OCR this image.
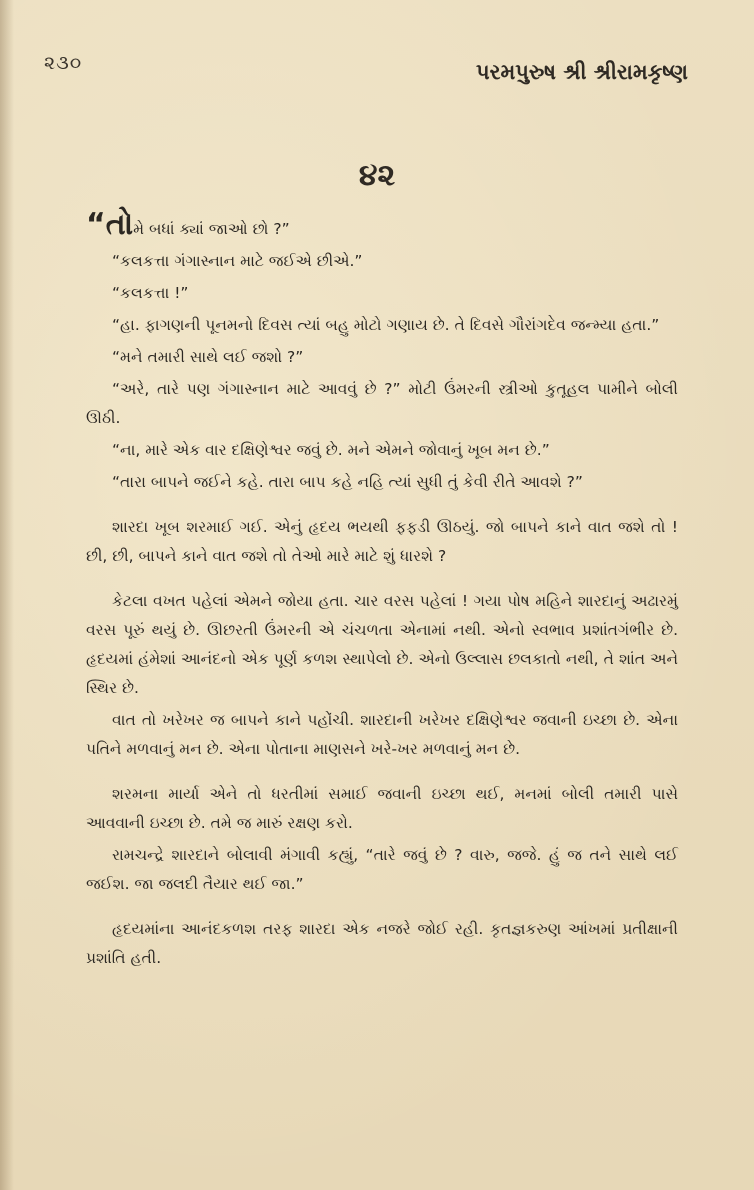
૨૩૦	પરમપુરુષ શ્રી શ્રીરામકૃષ્ણ
૪૨

“તોમે બધાં ક્યાં જાઓ છો ?”

“કલકત્તા ગંગાસ્નાન માટે જઈએ છીએ.”

“કલકત્તા !”

“હા. ફાગણની પૂનમનો દિવસ ત્યાં બહુ મોટો ગણાય છે. તે દિવસે ગૌરાંગદેવ જન્મ્યા હતા.”

“મને તમારી સાથે લઈ જશો ?”

“અરે, તારે પણ ગંગાસ્નાન માટે આવવું છે ?” મોટી ઉંમરની સ્ત્રીઓ કુતૂહલ પામીને બોલી ઊઠી.

“ના, મારે એક વાર દક્ષિણેશ્વર જવું છે. મને એમને જોવાનું ખૂબ મન છે.”

“તારા બાપને જઈને કહે. તારા બાપ કહે નહિ ત્યાં સુધી તું કેવી રીતે આવશે ?”

શારદા ખૂબ શરમાઈ ગઈ. એનું હૃદય ભયથી ફફડી ઊઠયું. જો બાપને કાને વાત જશે તો ! છી, છી, બાપને કાને વાત જશે તો તેઓ મારે માટે શું ધારશે ?

કેટલા વખત પહેલાં એમને જોયા હતા. ચાર વરસ પહેલાં ! ગયા પોષ મહિને શારદાનું અઢારમું વરસ પૂરું થયું છે. ઊછરતી ઉંમરની એ ચંચળતા એનામાં નથી. એનો સ્વભાવ પ્રશાંતગંભીર છે. હૃદયમાં હંમેશાં આનંદનો એક પૂર્ણ કળશ સ્થાપેલો છે. એનો ઉલ્લાસ છલકાતો નથી, તે શાંત અને સ્થિર છે.

વાત તો ખરેખર જ બાપને કાને પહોંચી. શારદાની ખરેખર દક્ષિણેશ્વર જવાની ઇચ્છા છે. એના પતિને મળવાનું મન છે. એના પોતાના માણસને ખરે-ખર મળવાનું મન છે.

શરમના માર્યા એને તો ધરતીમાં સમાઈ જવાની ઇચ્છા થઈ, મનમાં બોલી તમારી પાસે આવવાની ઇચ્છા છે. તમે જ મારું રક્ષણ કરો.

રામચન્દ્રે શારદાને બોલાવી મંગાવી કહ્યું, “તારે જવું છે ? વારુ, જજે. હું જ તને સાથે લઈ જઈશ. જા જલદી તૈયાર થઈ જા.”

હૃદયમાંના આનંદકળશ તરફ શારદા એક નજરે જોઈ રહી. કૃતજ્ઞકરુણ આંખમાં પ્રતીક્ષાની પ્રશાંતિ હતી.
